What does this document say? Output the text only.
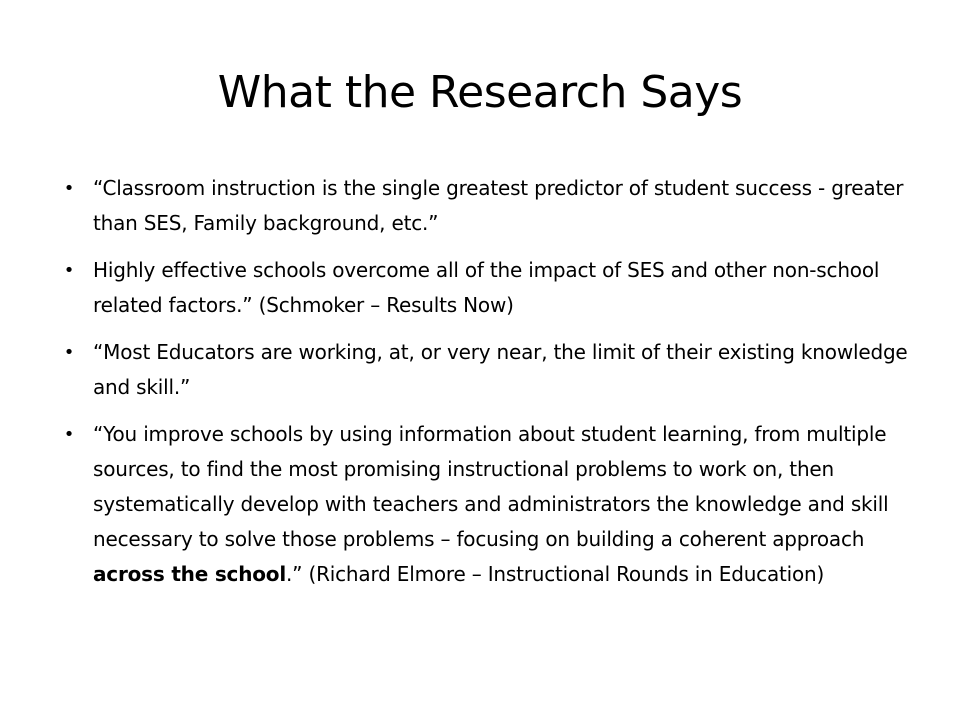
What the Research Says
• “Classroom instruction is the single greatest predictor of student success - greater than SES, Family background, etc.”
• Highly effective schools overcome all of the impact of SES and other non-school related factors.” (Schmoker – Results Now)
• “Most Educators are working, at, or very near, the limit of their existing knowledge and skill.”
• “You improve schools by using information about student learning, from multiple sources, to find the most promising instructional problems to work on, then systematically develop with teachers and administrators the knowledge and skill necessary to solve those problems – focusing on building a coherent approach across the school.” (Richard Elmore – Instructional Rounds in Education)
